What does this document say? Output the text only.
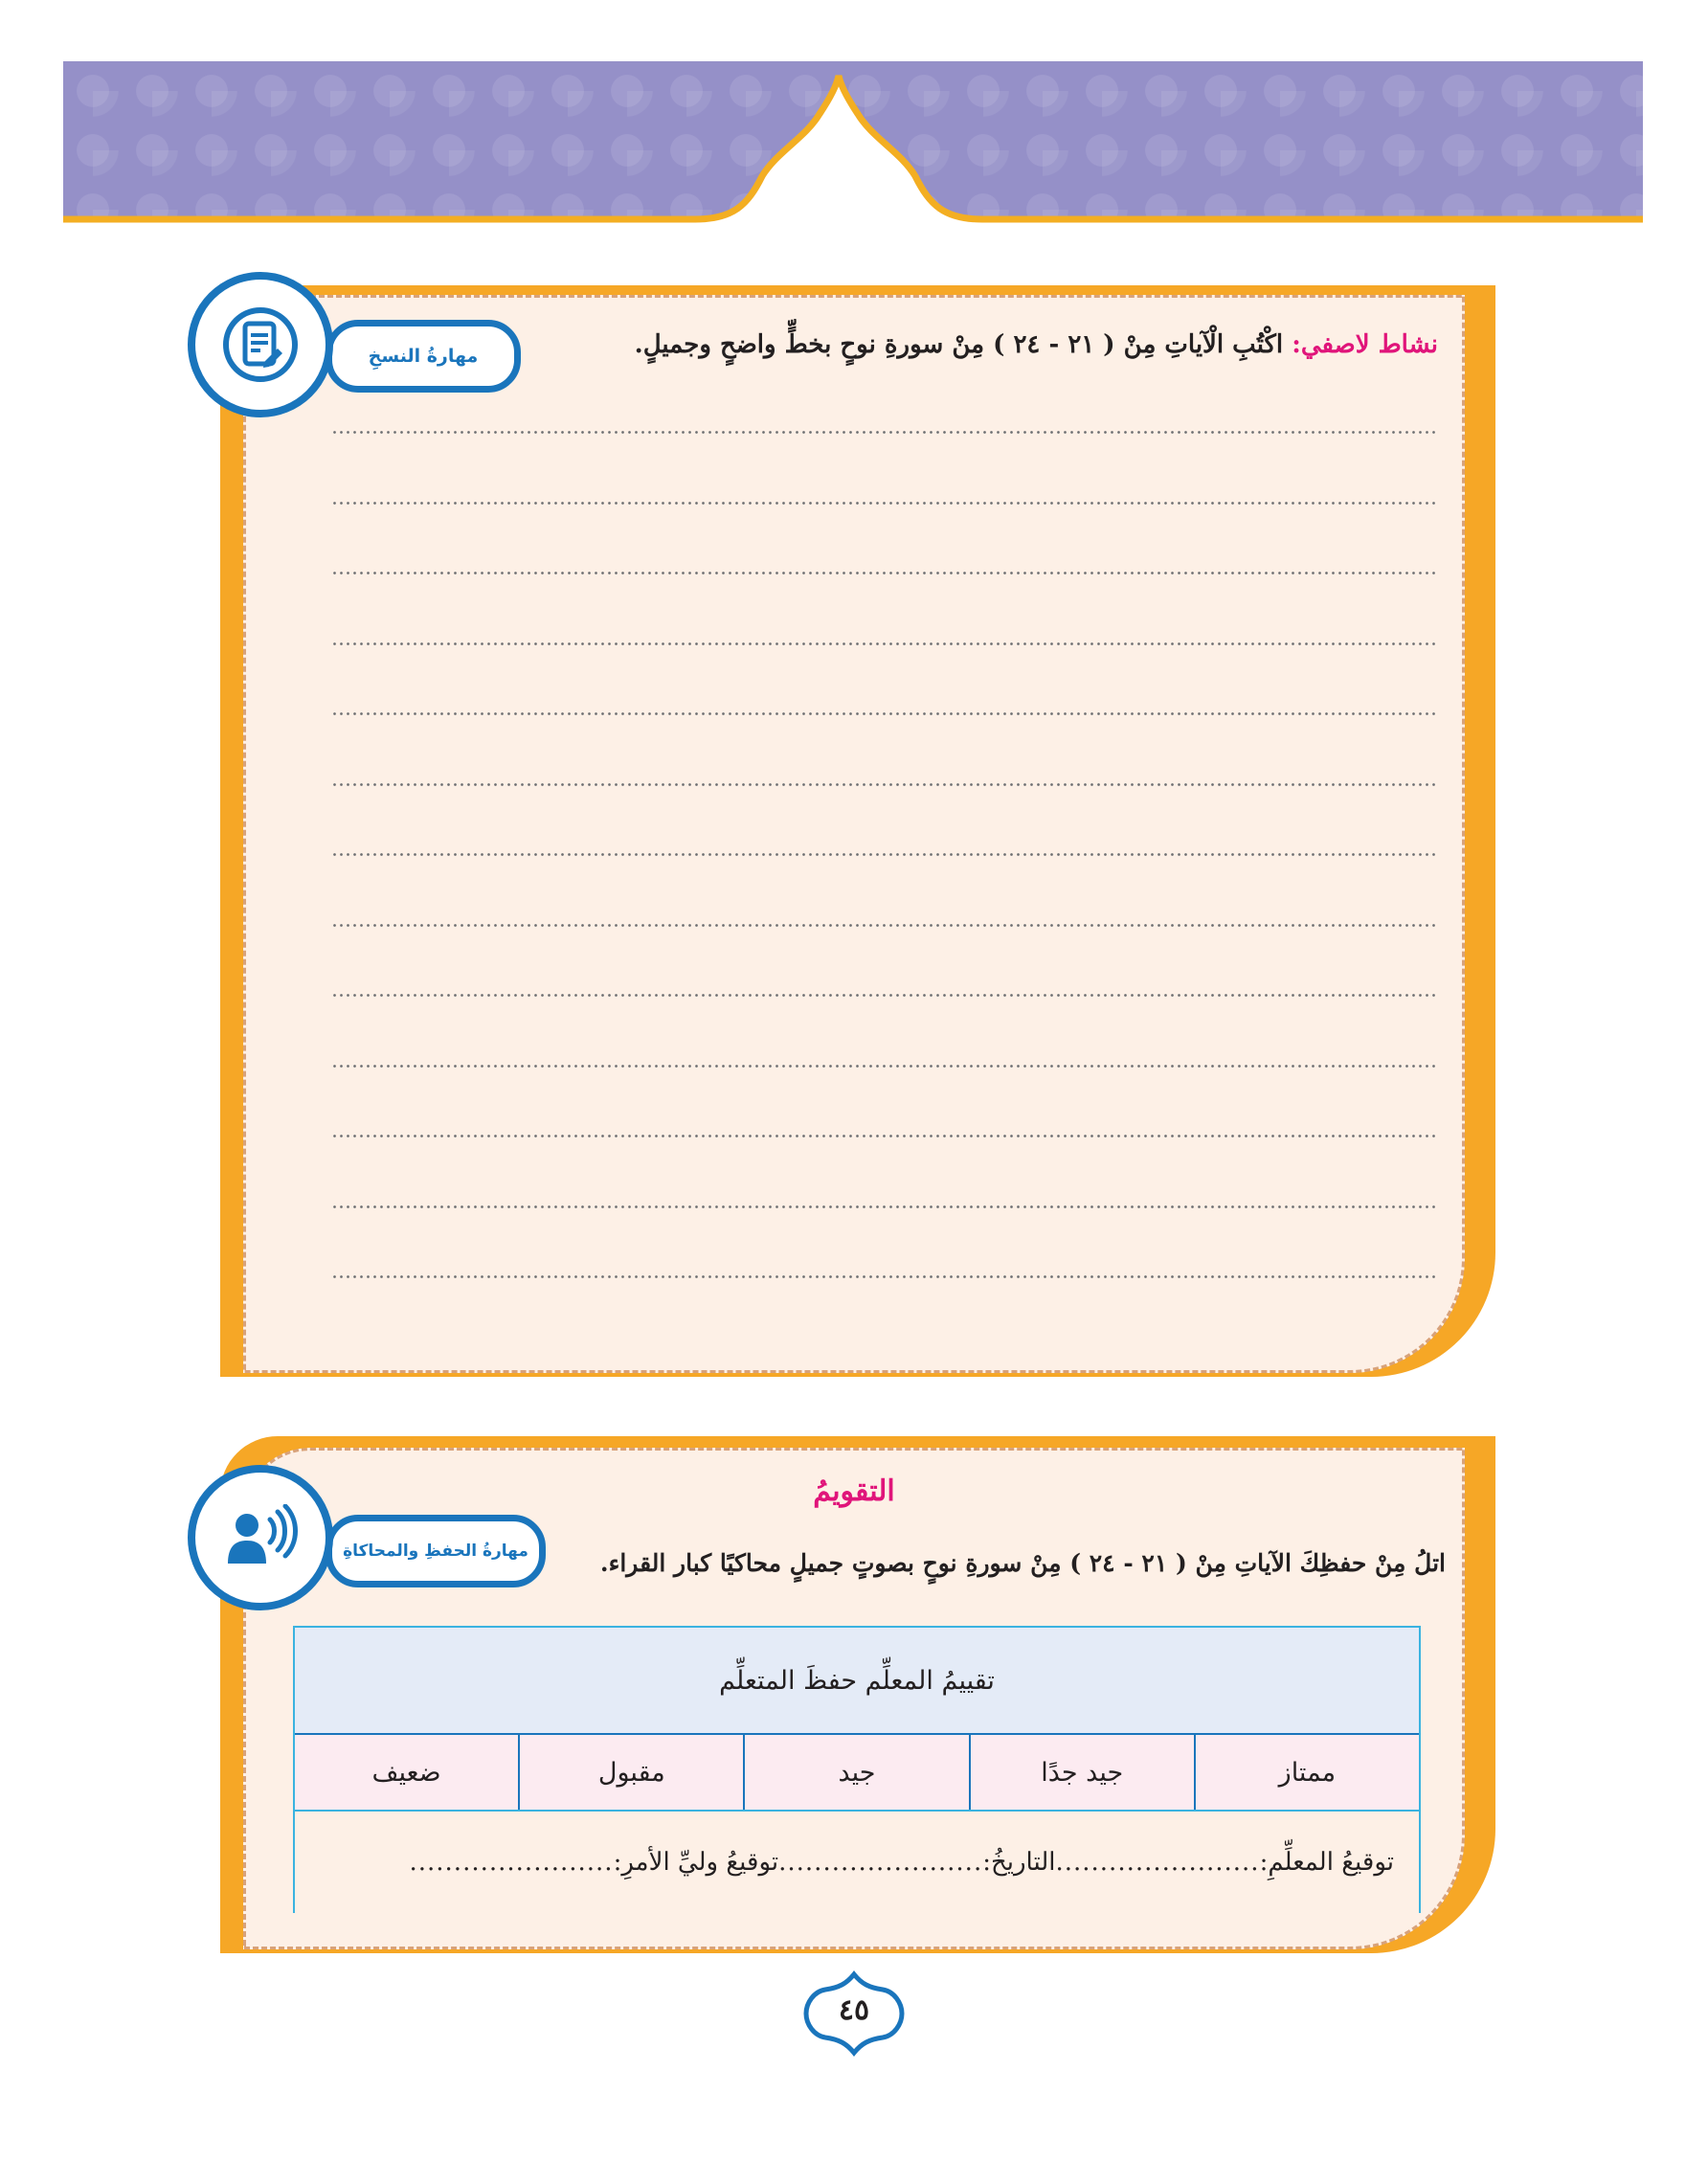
مهارةُ النسخِ	نشاط لاصفي: اكْتُبِ الْآياتِ مِنْ ( ٢١ - ٢٤ ) مِنْ سورةِ نوحٍ بخطٍّ واضحٍ وجميلٍ.
مهارةُ الحفظِ والمحاكاةِ
التقويمُ
اتلُ مِنْ حفظِكَ الآياتِ مِنْ ( ٢١ - ٢٤ ) مِنْ سورةِ نوحٍ بصوتٍ جميلٍ محاكيًا كبار القراء.
تقييمُ المعلِّم حفظَ المتعلِّم
ممتاز
جيد جدًا
جيد
مقبول
ضعيف
توقيعُ المعلِّمِ:
.......................
التاريخُ:
.......................
توقيعُ وليِّ الأمرِ:
.......................
٤٥
